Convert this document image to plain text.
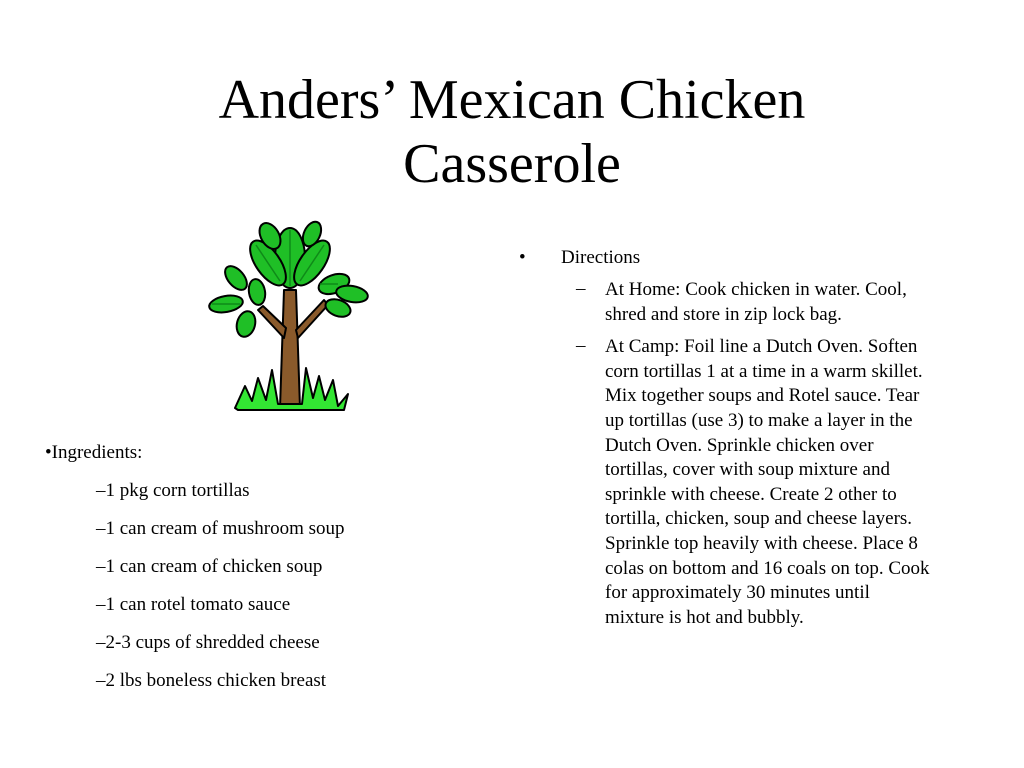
Anders’ Mexican Chicken
Casserole
•Ingredients:
–1 pkg corn tortillas
–1 can cream of mushroom soup
–1 can cream of chicken soup
–1 can rotel tomato sauce
–2-3 cups of shredded cheese
–2 lbs boneless chicken breast
•	Directions
–	At Home: Cook chicken in water. Cool, shred and store in zip lock bag.
–	At Camp: Foil line a Dutch Oven. Soften corn tortillas 1 at a time in a warm skillet. Mix together soups and Rotel sauce. Tear up tortillas (use 3) to make a layer in the Dutch Oven. Sprinkle chicken over tortillas, cover with soup mixture and sprinkle with cheese. Create 2 other to tortilla, chicken, soup and cheese layers. Sprinkle top heavily with cheese. Place 8 colas on bottom and 16 coals on top. Cook for approximately 30 minutes until mixture is hot and bubbly.
